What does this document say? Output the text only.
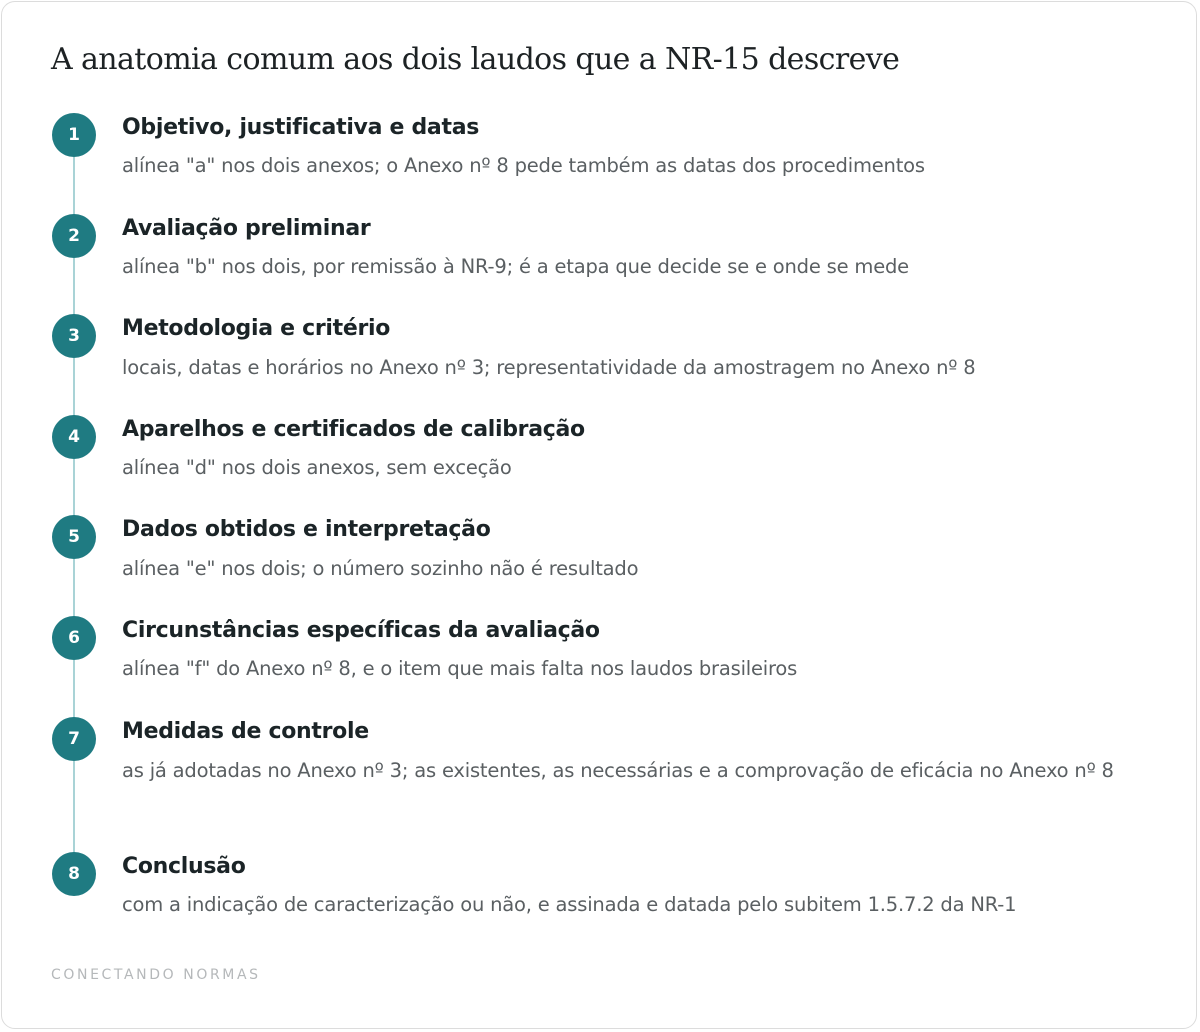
A anatomia comum aos dois laudos que a NR-15 descreve
1	Objetivo, justificativa e datas

alínea "a" nos dois anexos; o Anexo nº 8 pede também as datas dos procedimentos

2	Avaliação preliminar

alínea "b" nos dois, por remissão à NR-9; é a etapa que decide se e onde se mede

3	Metodologia e critério

locais, datas e horários no Anexo nº 3; representatividade da amostragem no Anexo nº 8

4	Aparelhos e certificados de calibração

alínea "d" nos dois anexos, sem exceção

5	Dados obtidos e interpretação

alínea "e" nos dois; o número sozinho não é resultado

6	Circunstâncias específicas da avaliação

alínea "f" do Anexo nº 8, e o item que mais falta nos laudos brasileiros

7	Medidas de controle

as já adotadas no Anexo nº 3; as existentes, as necessárias e a comprovação de eficácia no Anexo nº 8

8	Conclusão

com a indicação de caracterização ou não, e assinada e datada pelo subitem 1.5.7.2 da NR-1

CONECTANDO NORMAS
